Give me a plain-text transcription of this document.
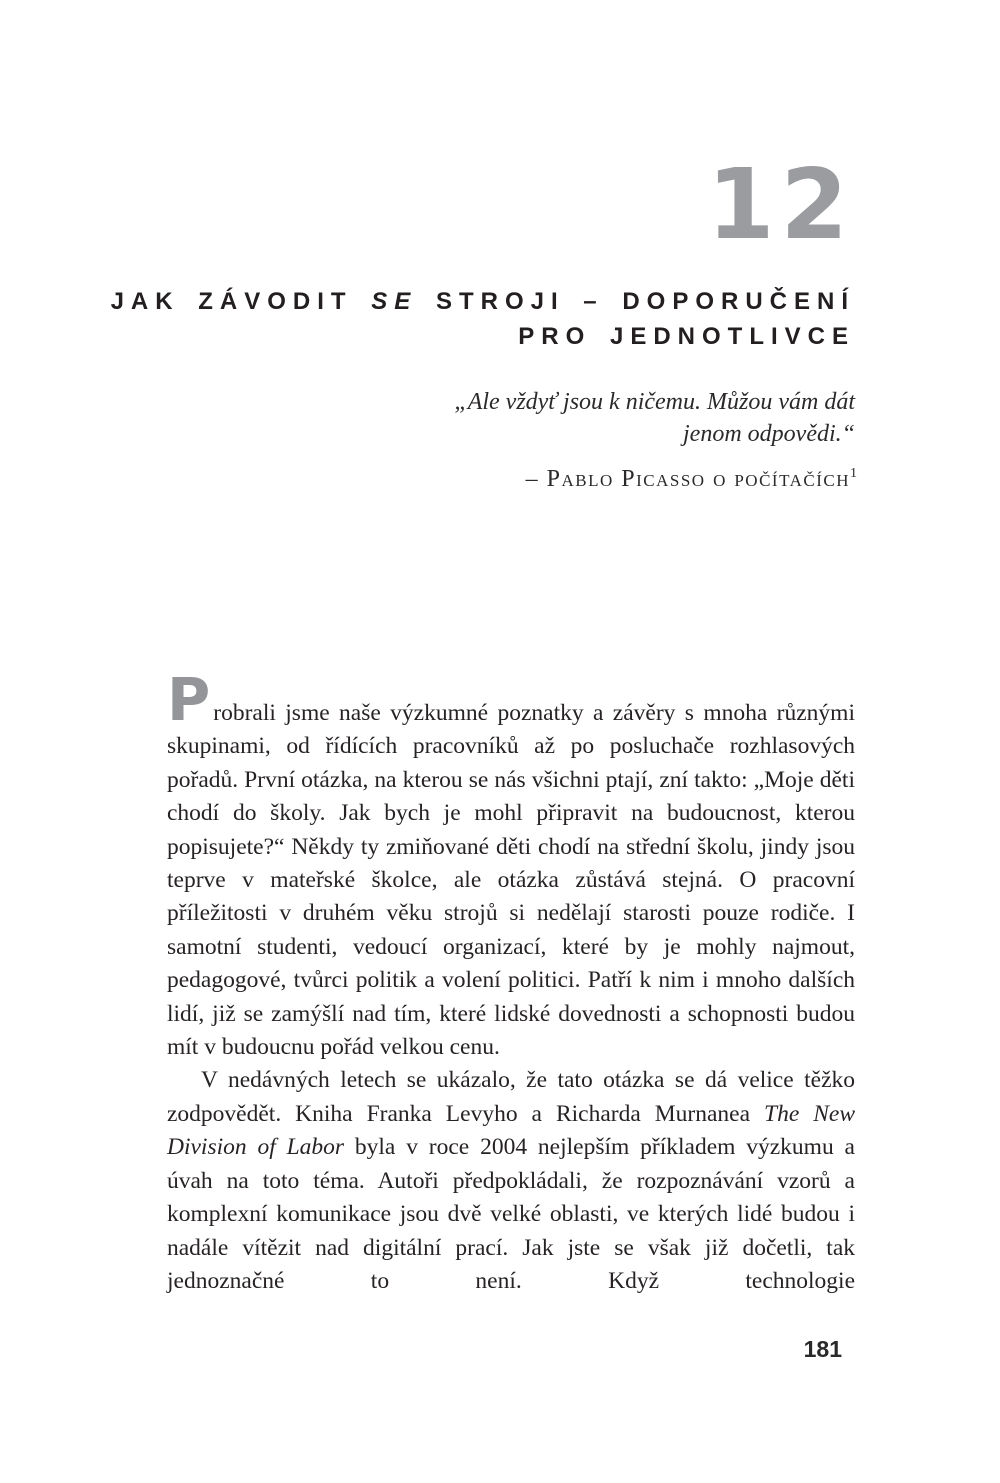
12
JAK ZÁVODIT SE STROJI – DOPORUČENÍ
PRO JEDNOTLIVCE
„Ale vždyť jsou k ničemu. Můžou vám dát
jenom odpovědi.“
– Pablo Picasso o počítačích$^1$

Probrali jsme naše výzkumné poznatky a závěry s mnoha různými skupinami, od řídících pracovníků až po posluchače rozhlasových pořadů. První otázka, na kterou se nás všichni ptají, zní takto: „Moje děti chodí do školy. Jak bych je mohl připravit na budoucnost, kterou popisujete?“ Někdy ty zmiňované děti chodí na střední školu, jindy jsou teprve v mateřské školce, ale otázka zůstává stejná. O pracovní příležitosti v druhém věku strojů si nedělají starosti pouze rodiče. I samotní studenti, vedoucí organizací, které by je mohly najmout, pedagogové, tvůrci politik a volení politici. Patří k nim i mnoho dalších lidí, již se zamýšlí nad tím, které lidské dovednosti a schopnosti budou mít v budoucnu pořád velkou cenu.

V nedávných letech se ukázalo, že tato otázka se dá velice těžko zodpovědět. Kniha Franka Levyho a Richarda Murnanea The New Division of Labor byla v roce 2004 nejlepším příkladem výzkumu a úvah na toto téma. Autoři předpokládali, že rozpoznávání vzorů a komplexní komunikace jsou dvě velké oblasti, ve kterých lidé budou i nadále vítězit nad digitální prací. Jak jste se však již dočetli, tak jednoznačné to není. Když technologie

181
